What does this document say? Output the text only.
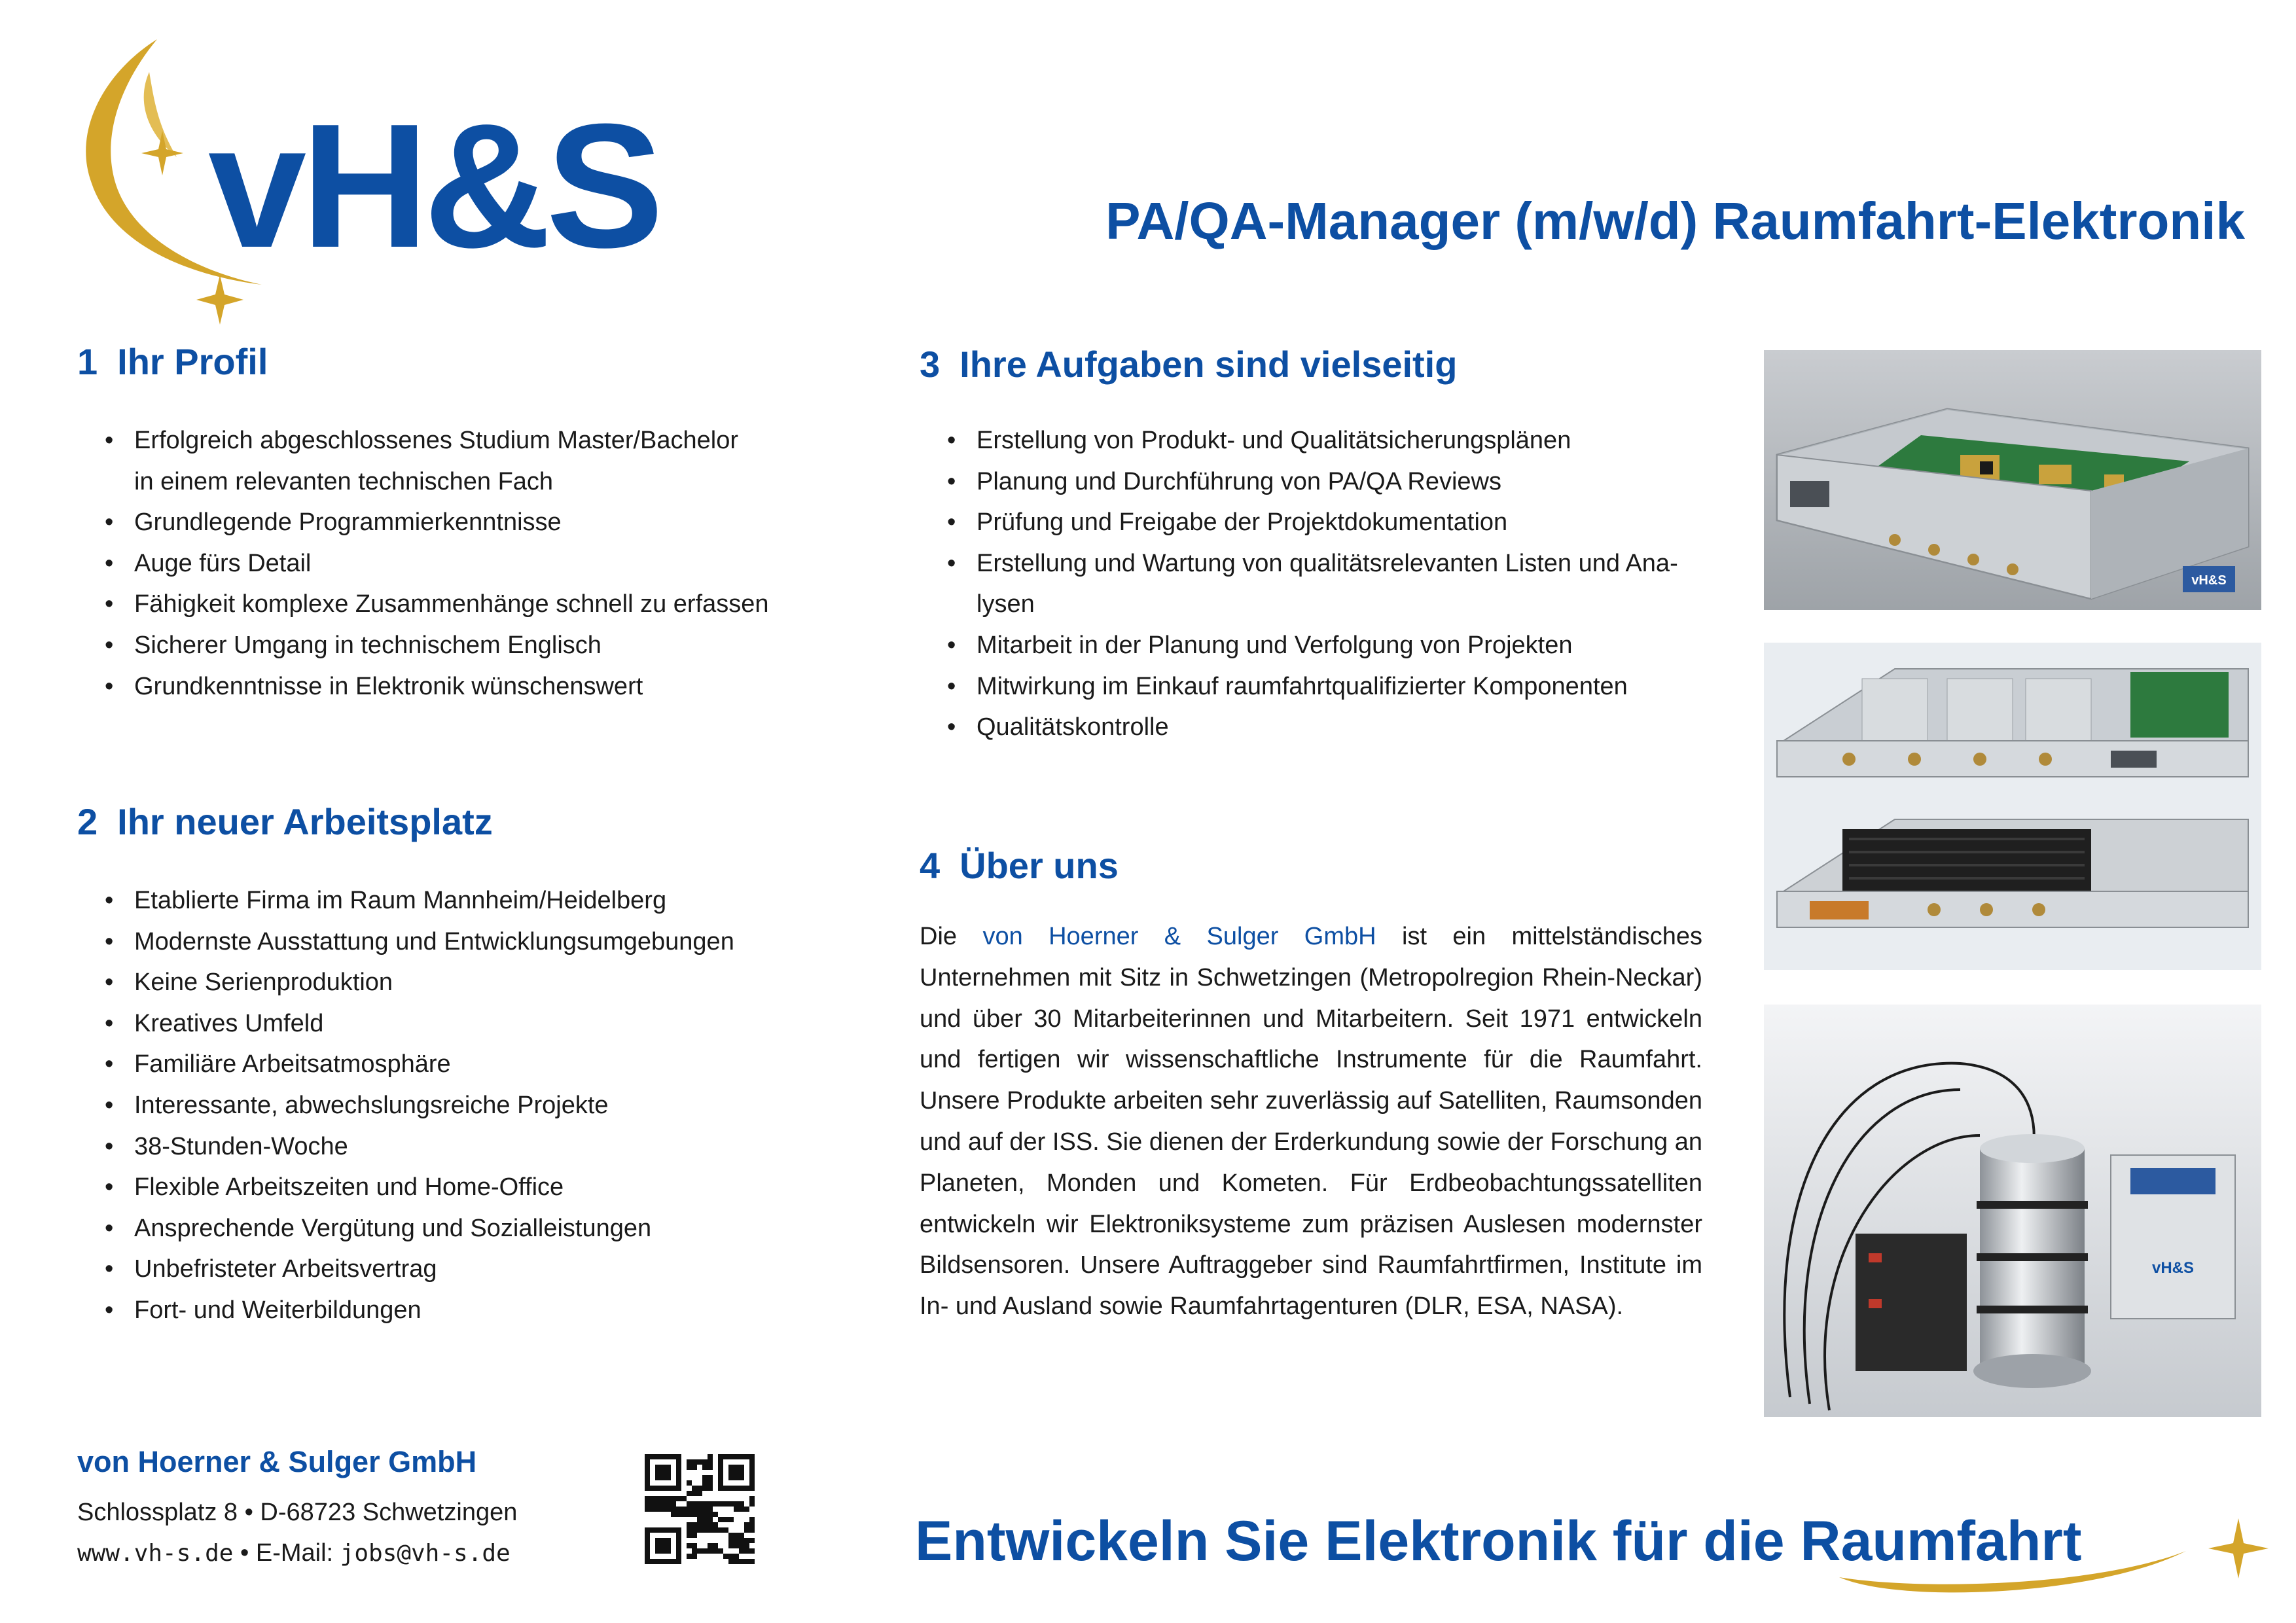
vH&S	PA/QA-Manager (m/w/d) Raumfahrt-Elektronik
1 Ihr Profil
• Erfolgreich abgeschlossenes Studium Master/Bachelor
in einem relevanten technischen Fach
• Grundlegende Programmierkenntnisse
• Auge fürs Detail
• Fähigkeit komplexe Zusammenhänge schnell zu erfassen
• Sicherer Umgang in technischem Englisch
• Grundkenntnisse in Elektronik wünschenswert
2 Ihr neuer Arbeitsplatz
• Etablierte Firma im Raum Mannheim/Heidelberg
• Modernste Ausstattung und Entwicklungsumgebungen
• Keine Serienproduktion
• Kreatives Umfeld
• Familiäre Arbeitsatmosphäre
• Interessante, abwechslungsreiche Projekte
• 38-Stunden-Woche
• Flexible Arbeitszeiten und Home-Office
• Ansprechende Vergütung und Sozialleistungen
• Unbefristeter Arbeitsvertrag
• Fort- und Weiterbildungen
3 Ihre Aufgaben sind vielseitig
• Erstellung von Produkt- und Qualitätsicherungsplänen
• Planung und Durchführung von PA/QA Reviews
• Prüfung und Freigabe der Projektdokumentation
• Erstellung und Wartung von qualitätsrelevanten Listen und Ana-
lysen
• Mitarbeit in der Planung und Verfolgung von Projekten
• Mitwirkung im Einkauf raumfahrtqualifizierter Komponenten
• Qualitätskontrolle
4 Über uns
Die von Hoerner & Sulger GmbH ist ein mittelständisches Unternehmen mit Sitz in Schwetzingen (Metropolregion Rhein-Neckar) und über 30 Mitarbeiterinnen und Mitarbeitern. Seit 1971 entwickeln und fertigen wir wissenschaftliche Instrumente für die Raumfahrt. Unsere Produkte arbeiten sehr zuverlässig auf Satelliten, Raumsonden und auf der ISS. Sie dienen der Erderkundung sowie der Forschung an Planeten, Monden und Kometen. Für Erdbeobachtungssatelliten entwickeln wir Elektroniksysteme zum präzisen Auslesen modernster Bildsensoren. Unsere Auftraggeber sind Raumfahrtfirmen, Institute im In- und Ausland sowie Raumfahrtagenturen (DLR, ESA, NASA).
vH&S
vH&S
von Hoerner & Sulger GmbH
Schlossplatz 8 • D-68723 Schwetzingen
www.vh-s.de • E-Mail: jobs@vh-s.de	Entwickeln Sie Elektronik für die Raumfahrt
